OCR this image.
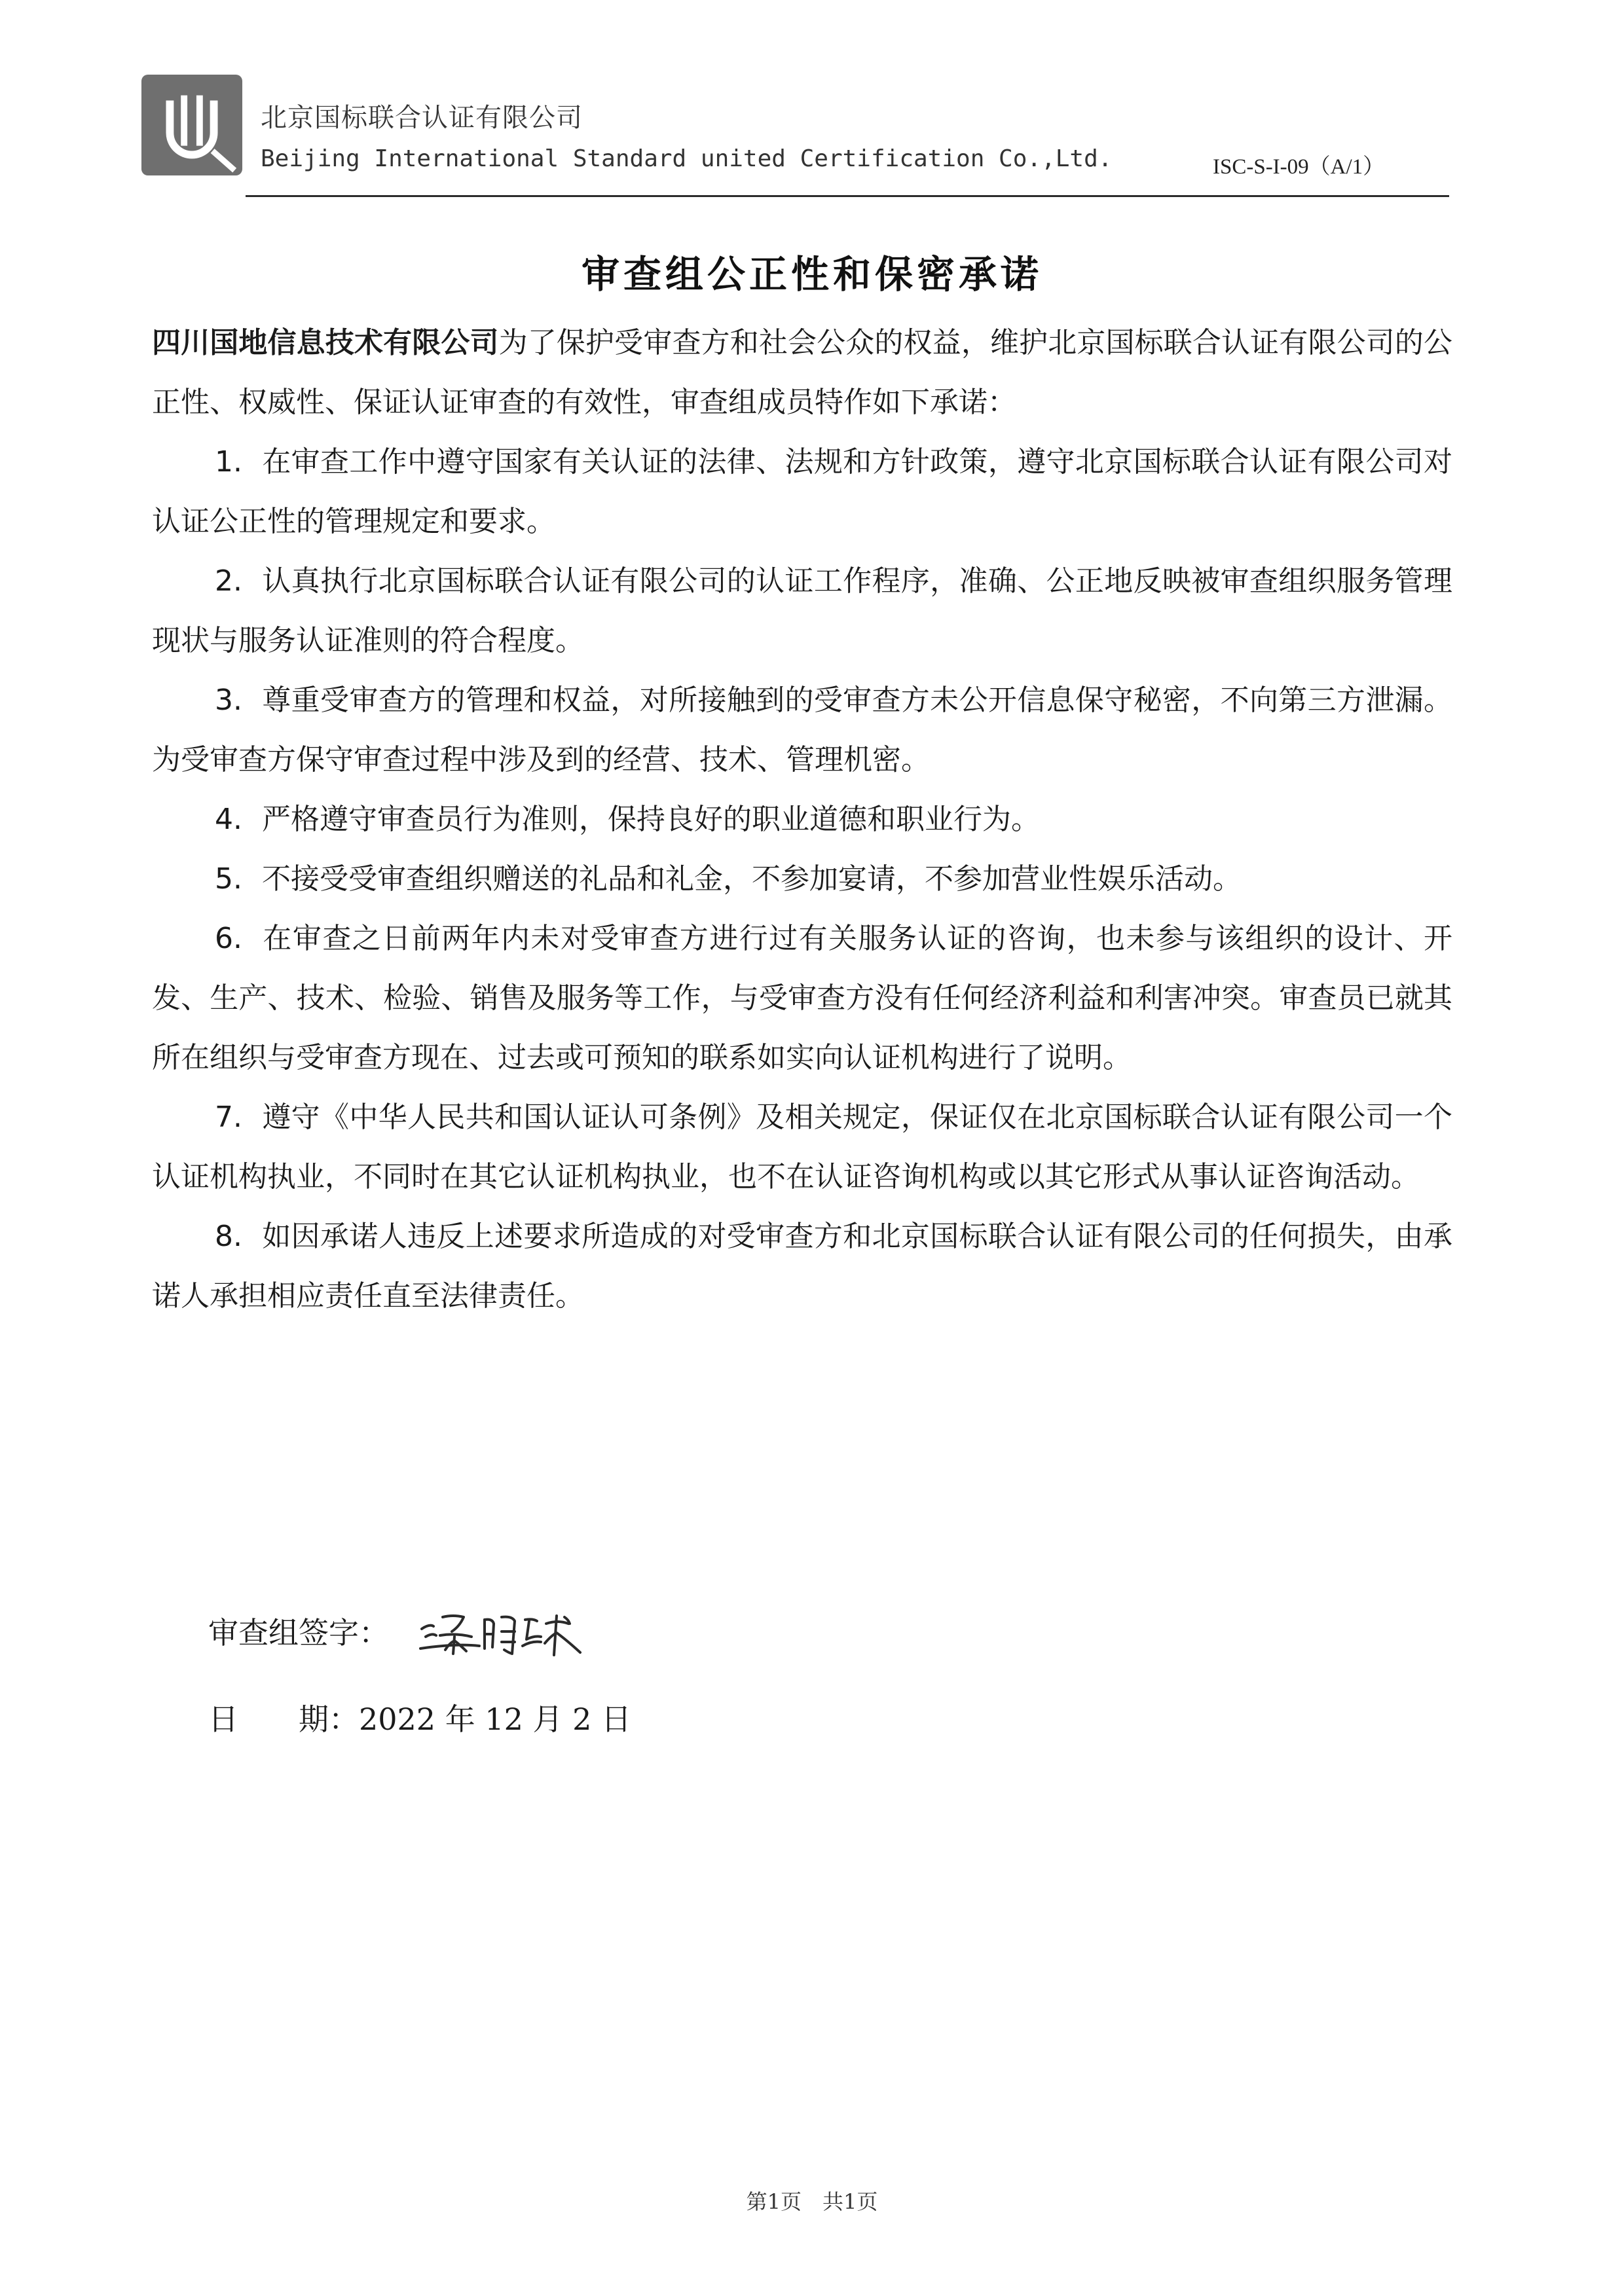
北京国标联合认证有限公司
Beijing International Standard united Certification Co.,Ltd.	ISC-S-I-09（A/1）
审查组公正性和保密承诺

四川国地信息技术有限公司为了保护受审查方和社会公众的权益，维护北京国标联合认证有限公司的公正性、权威性、保证认证审查的有效性，审查组成员特作如下承诺：

1. 在审查工作中遵守国家有关认证的法律、法规和方针政策，遵守北京国标联合认证有限公司对认证公正性的管理规定和要求。

2. 认真执行北京国标联合认证有限公司的认证工作程序，准确、公正地反映被审查组织服务管理现状与服务认证准则的符合程度。

3. 尊重受审查方的管理和权益，对所接触到的受审查方未公开信息保守秘密，不向第三方泄漏。为受审查方保守审查过程中涉及到的经营、技术、管理机密。

4. 严格遵守审查员行为准则，保持良好的职业道德和职业行为。

5. 不接受受审查组织赠送的礼品和礼金，不参加宴请，不参加营业性娱乐活动。

6. 在审查之日前两年内未对受审查方进行过有关服务认证的咨询，也未参与该组织的设计、开发、生产、技术、检验、销售及服务等工作，与受审查方没有任何经济利益和利害冲突。审查员已就其所在组织与受审查方现在、过去或可预知的联系如实向认证机构进行了说明。

7. 遵守《中华人民共和国认证认可条例》及相关规定，保证仅在北京国标联合认证有限公司一个认证机构执业，不同时在其它认证机构执业，也不在认证咨询机构或以其它形式从事认证咨询活动。

8. 如因承诺人违反上述要求所造成的对受审查方和北京国标联合认证有限公司的任何损失，由承诺人承担相应责任直至法律责任。

审查组签字：
日　　期： 2022 年 12 月 2 日
第1页　共1页
